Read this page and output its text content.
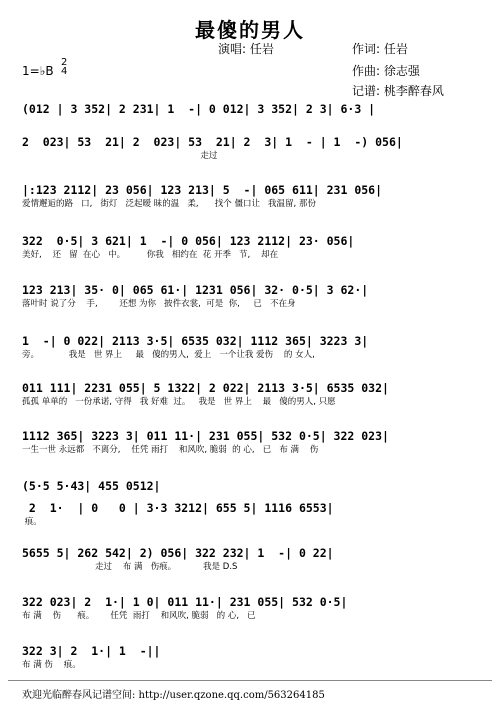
最傻的男人
演唱: 任岩	作词: 任岩
作曲: 徐志强
记谱: 桃李醉春风
1=♭B
2
4
(012 | 3 352| 2 231| 1  -| 0 012| 3 352| 2 3| 6·3 |
2  023| 53  21| 2  023| 53  21| 2  3| 1  - | 1  -) 056|
走过
|:123 2112| 23 056| 123 213| 5  -| 065 611| 231 056|
爱情邂逅的路   口,   街灯   泛起暧 昧的温   柔,      找个 僵口让   我温留, 那份
322  0·5| 3 621| 1  -| 0 056| 123 2112| 23· 056|
美好,    还   留  在心   中。        你我   相约在  花 开季   节,    却在
123 213| 35· 0| 065 61·| 1231 056| 32· 0·5| 3 62·|
落叶时 说了分    手,        还想 为你   披件衣裳,  可是  你,     已   不在身
1  -| 0 022| 2113 3·5| 6535 032| 1112 365| 3223 3|
旁。           我是   世 界上     最   傻的男人,  爱上   一个让我 爱伤    的 女人,
011 111| 2231 055| 5 1322| 2 022| 2113 3·5| 6535 032|
孤孤 单单的   一份承诺, 守得   我 好难  过。   我是   世 界上    最   傻的男人, 只愿
1112 365| 3223 3| 011 11·| 231 055| 532 0·5| 322 023|
一生一世 永远都   不离分,    任凭 雨打    和风吹, 脆弱  的 心,   已   布 满    伤
(5·5 5·43| 455 0512|
2  1·  | 0   0 | 3·3 3212| 655 5| 1116 6553|
痕。
5655 5| 262 542| 2) 056| 322 232| 1  -| 0 22|
走过    布 满   伤痕。          我是 D.S
322 023| 2  1·| 1 0| 011 11·| 231 055| 532 0·5|
布 满    伤      痕。      任凭  雨打    和风吹, 脆弱   的 心,   已
322 3| 2  1·| 1  -||
布 满 伤    痕。
欢迎光临醉春风记谱空间: http://user.qzone.qq.com/563264185
